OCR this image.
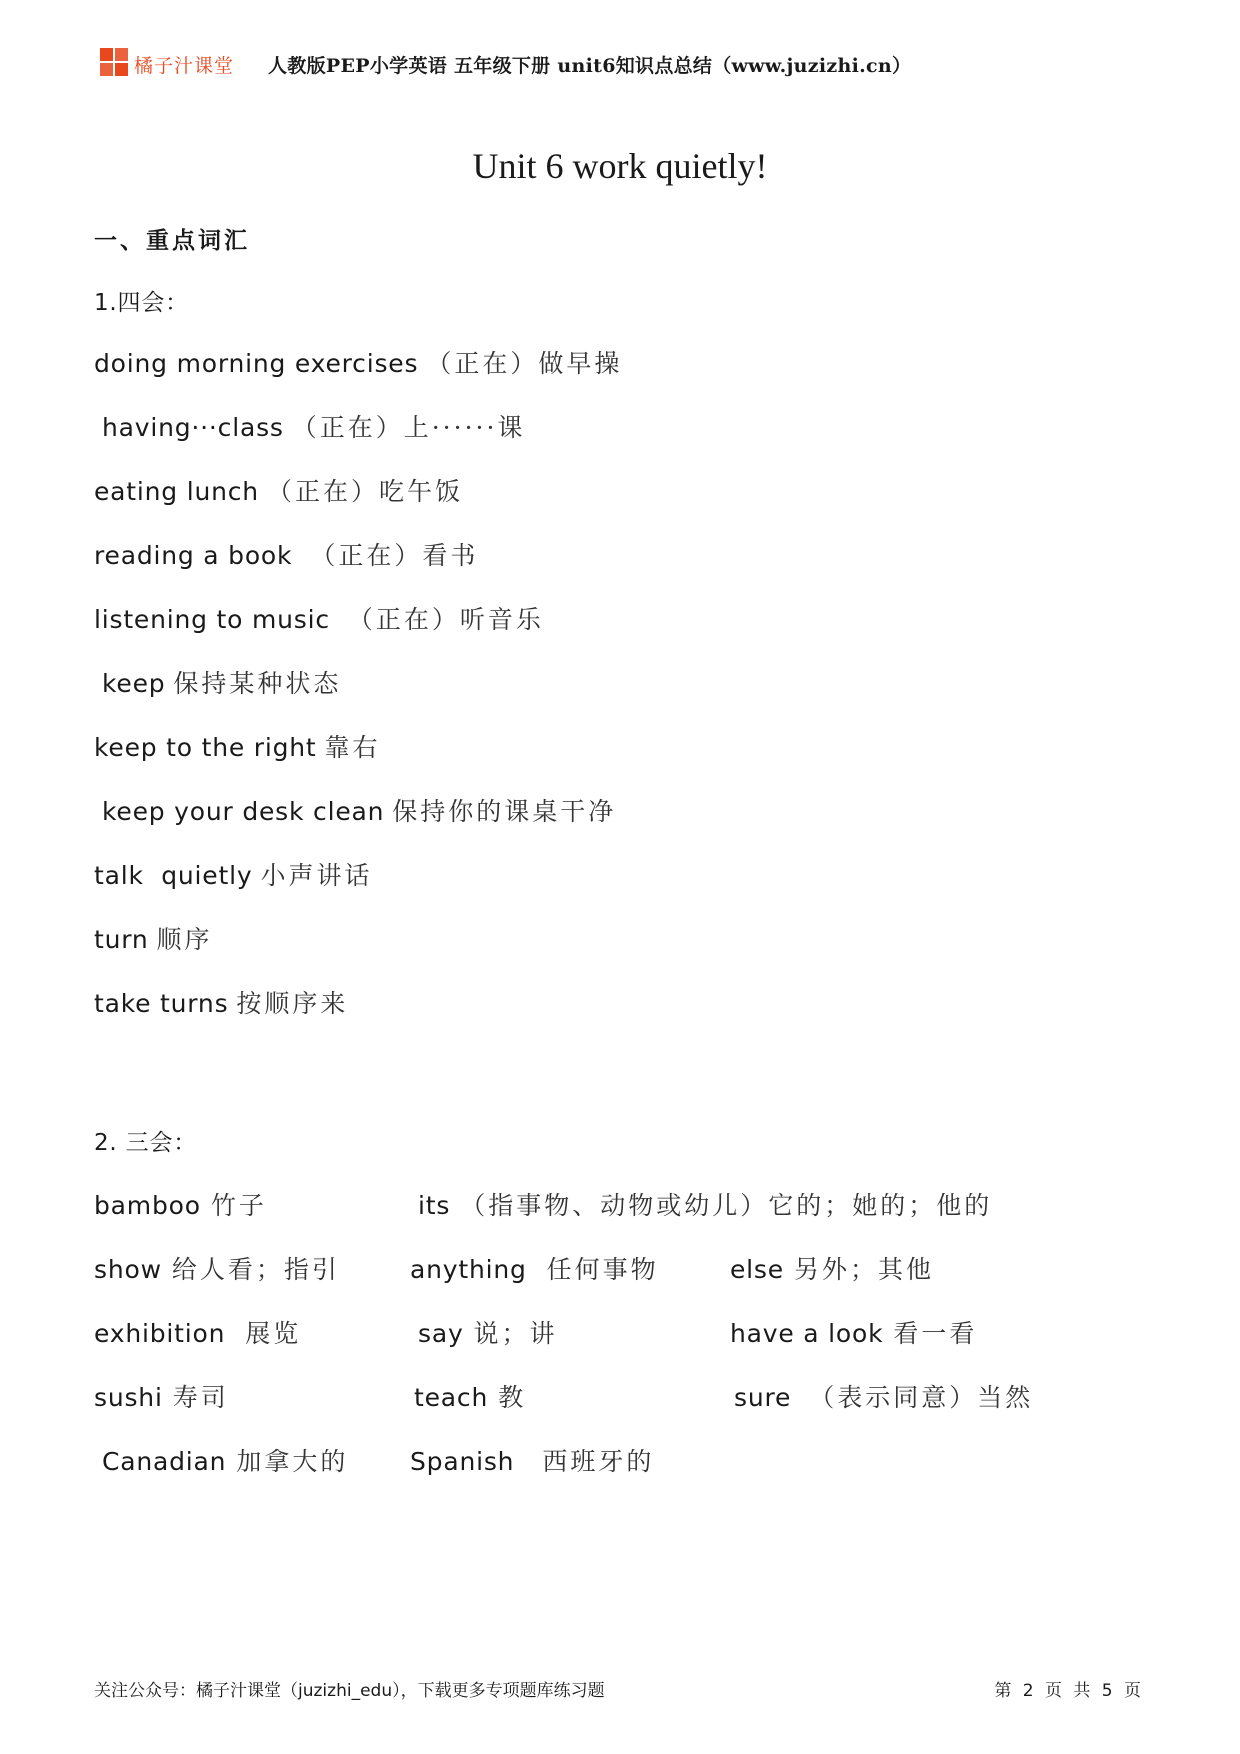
橘子汁课堂 人教版PEP小学英语 五年级下册 unit6知识点总结（www.juzizhi.cn）
Unit 6 work quietly!
一、重点词汇
1.四会：
doing morning exercises （正在）做早操
having···class （正在）上······课
eating lunch （正在）吃午饭
reading a book （正在）看书
listening to music （正在）听音乐
keep 保持某种状态
keep to the right 靠右
keep your desk clean 保持你的课桌干净
talk  quietly 小声讲话
turn 顺序
take turns 按顺序来
2. 三会：
bamboo 竹子	its （指事物、动物或幼儿）它的；她的；他的
show 给人看；指引	anything 任何事物	else 另外；其他
exhibition 展览	say 说；讲	have a look 看一看
sushi 寿司	teach 教	sure （表示同意）当然
Canadian 加拿大的 Spanish 西班牙的
关注公众号：橘子汁课堂（juzizhi_edu），下载更多专项题库练习题	第 2 页 共 5 页
